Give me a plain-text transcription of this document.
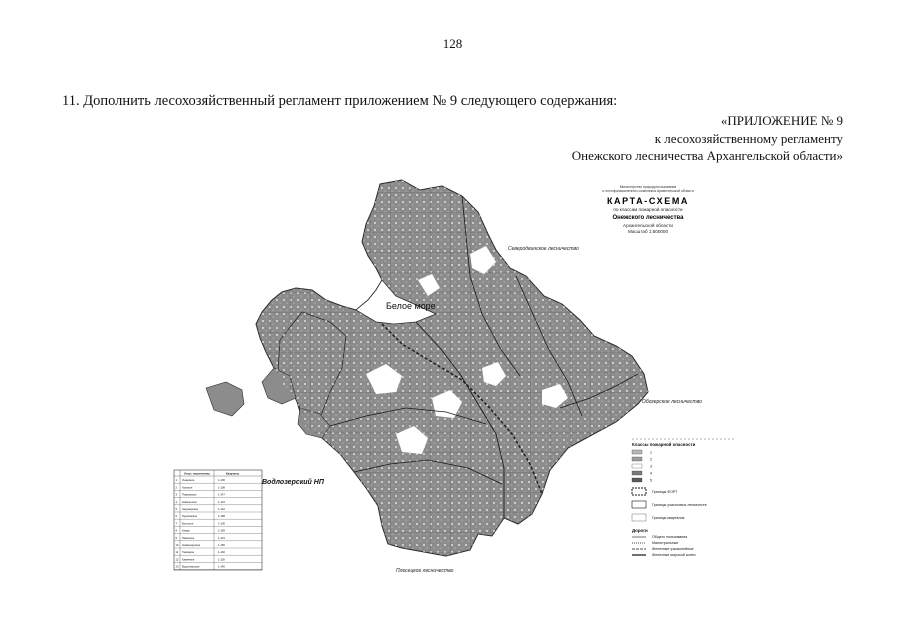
128
11. Дополнить лесохозяйственный регламент приложением № 9 следующего содержания:
«ПРИЛОЖЕНИЕ № 9
к лесохозяйственному регламенту
Онежского лесничества Архангельской области»
Белое море
Северодвинское лесничество
Обозерское лесничество
Плесецкое лесничество
Водлозерский НП
Министерство природопользования
и лесопромышленного комплекса Архангельской области
КАРТА-СХЕМА
по классам пожарной опасности
Онежского лесничества
Архангельской области
Масштаб 1:500000
Классы пожарной опасности
1
2
3
4
5
Границы ФОРТ
Границы участковых лесничеств
Границы кварталов
Дороги
Общего пользования
Магистральные
Железные узкоколейные
Железные широкой колеи
Участ. лесничества	Кварталы
1 Онежское	1-136
2 Кожское	1-108
3 Покровское	1-147
4 Нименгское	1-131
5 Андозерское	1-142
6 Пурнемское	1-158
7 Большое	1-105
8 Кянда	1-169
9 Лямецкое	1-121
10 Нижмозерское	1-150
11 Тамицкое	1-132
12 Каменное	1-118
13 Водлозерское	1-140
